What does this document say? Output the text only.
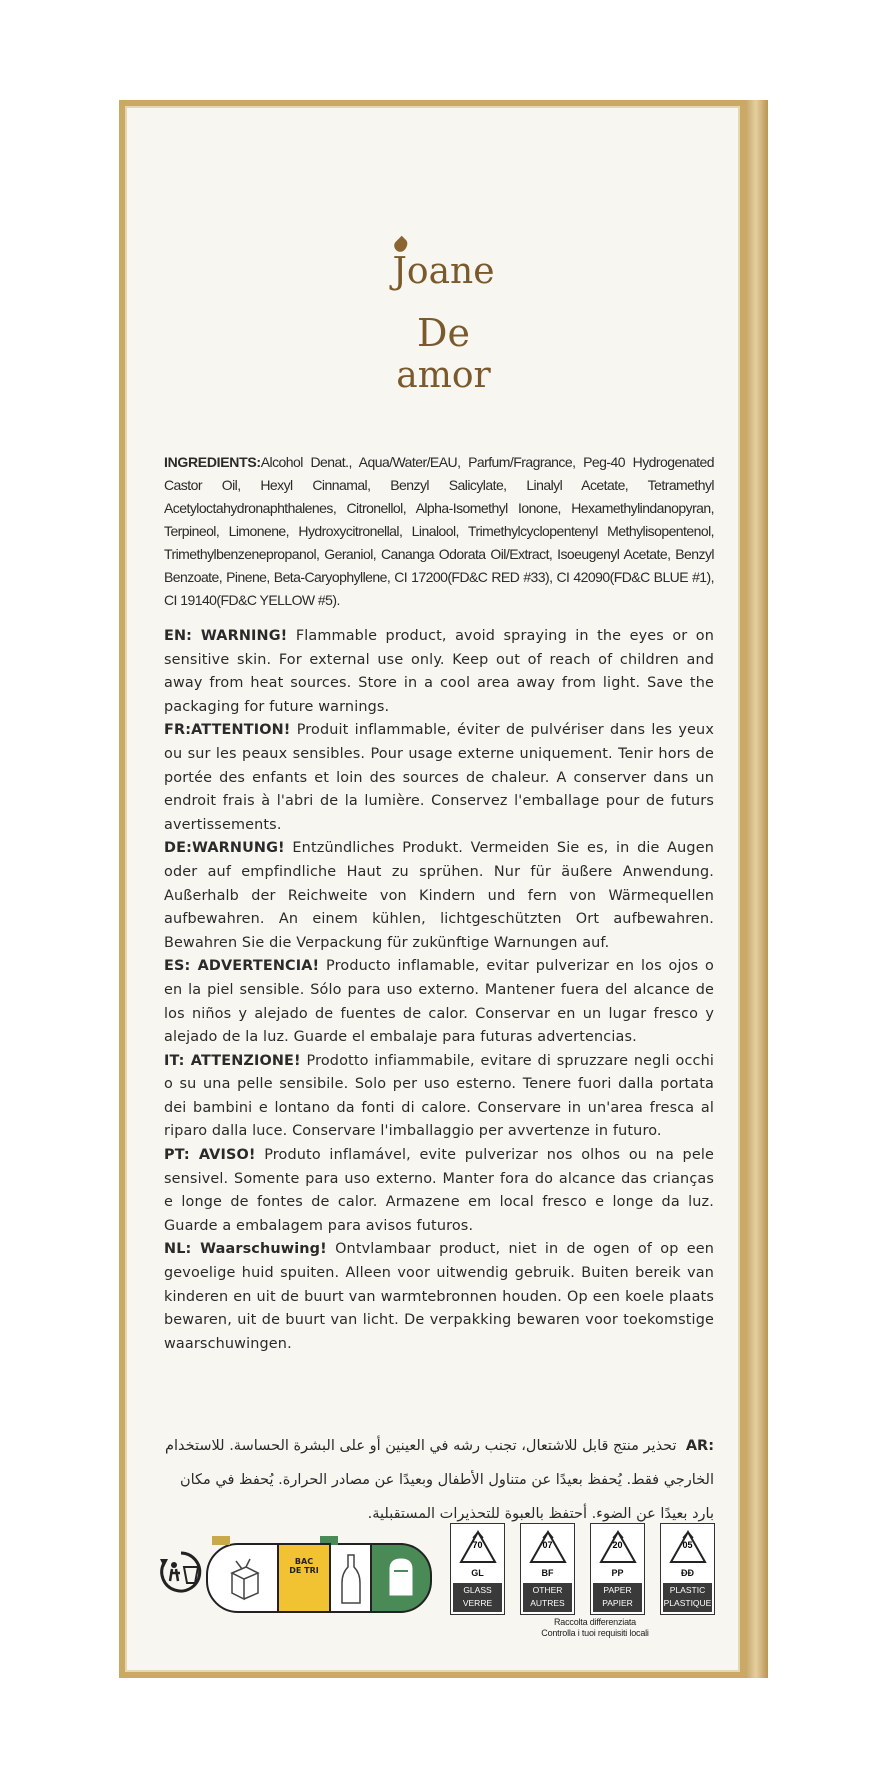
Joane
De
amor
INGREDIENTS:Alcohol Denat., Aqua/Water/EAU, Parfum/Fragrance, Peg-40 Hydrogenated Castor Oil, Hexyl Cinnamal, Benzyl Salicylate, Linalyl Acetate, Tetramethyl Acetyloctahydronaphthalenes, Citronellol, Alpha-Isomethyl Ionone, Hexamethylindanopyran, Terpineol, Limonene, Hydroxycitronellal, Linalool, Trimethylcyclopentenyl Methylisopentenol, Trimethylbenzenepropanol, Geraniol, Cananga Odorata Oil/Extract, Isoeugenyl Acetate, Benzyl Benzoate, Pinene, Beta-Caryophyllene, CI 17200(FD&C RED #33), CI 42090(FD&C BLUE #1), CI 19140(FD&C YELLOW #5).

EN: WARNING! Flammable product, avoid spraying in the eyes or on sensitive skin. For external use only. Keep out of reach of children and away from heat sources. Store in a cool area away from light. Save the packaging for future warnings.

FR:ATTENTION! Produit inflammable, éviter de pulvériser dans les yeux ou sur les peaux sensibles. Pour usage externe uniquement. Tenir hors de portée des enfants et loin des sources de chaleur. A conserver dans un endroit frais à l'abri de la lumière. Conservez l'emballage pour de futurs avertissements.

DE:WARNUNG! Entzündliches Produkt. Vermeiden Sie es, in die Augen oder auf empfindliche Haut zu sprühen. Nur für äußere Anwendung. Außerhalb der Reichweite von Kindern und fern von Wärmequellen aufbewahren. An einem kühlen, lichtgeschützten Ort aufbewahren. Bewahren Sie die Verpackung für zukünftige Warnungen auf.

ES: ADVERTENCIA! Producto inflamable, evitar pulverizar en los ojos o en la piel sensible. Sólo para uso externo. Mantener fuera del alcance de los niños y alejado de fuentes de calor. Conservar en un lugar fresco y alejado de la luz. Guarde el embalaje para futuras advertencias.

IT: ATTENZIONE! Prodotto infiammabile, evitare di spruzzare negli occhi o su una pelle sensibile. Solo per uso esterno. Tenere fuori dalla portata dei bambini e lontano da fonti di calore. Conservare in un'area fresca al riparo dalla luce. Conservare l'imballaggio per avvertenze in futuro.

PT: AVISO! Produto inflamável, evite pulverizar nos olhos ou na pele sensivel. Somente para uso externo. Manter fora do alcance das crianças e longe de fontes de calor. Armazene em local fresco e longe da luz. Guarde a embalagem para avisos futuros.

NL: Waarschuwing! Ontvlambaar product, niet in de ogen of op een gevoelige huid spuiten. Alleen voor uitwendig gebruik. Buiten bereik van kinderen en uit de buurt van warmtebronnen houden. Op een koele plaats bewaren, uit de buurt van licht. De verpakking bewaren voor toekomstige waarschuwingen.

AR:  تحذير منتج قابل للاشتعال، تجنب رشه في العينين أو على البشرة الحساسة. للاستخدام الخارجي فقط. يُحفظ بعيدًا عن متناول الأطفال وبعيدًا عن مصادر الحرارة. يُحفظ في مكان بارد بعيدًا عن الضوء. أحتفظ بالعبوة للتحذيرات المستقبلية.
BAC DE TRI
70
GL
GLASS
VERRE
07
BF
OTHER
AUTRES
20
PP
PAPER
PAPIER
05
ĐĐ
PLASTIC
PLASTIQUE
Raccolta differenziata
Controlla i tuoi requisiti locali
